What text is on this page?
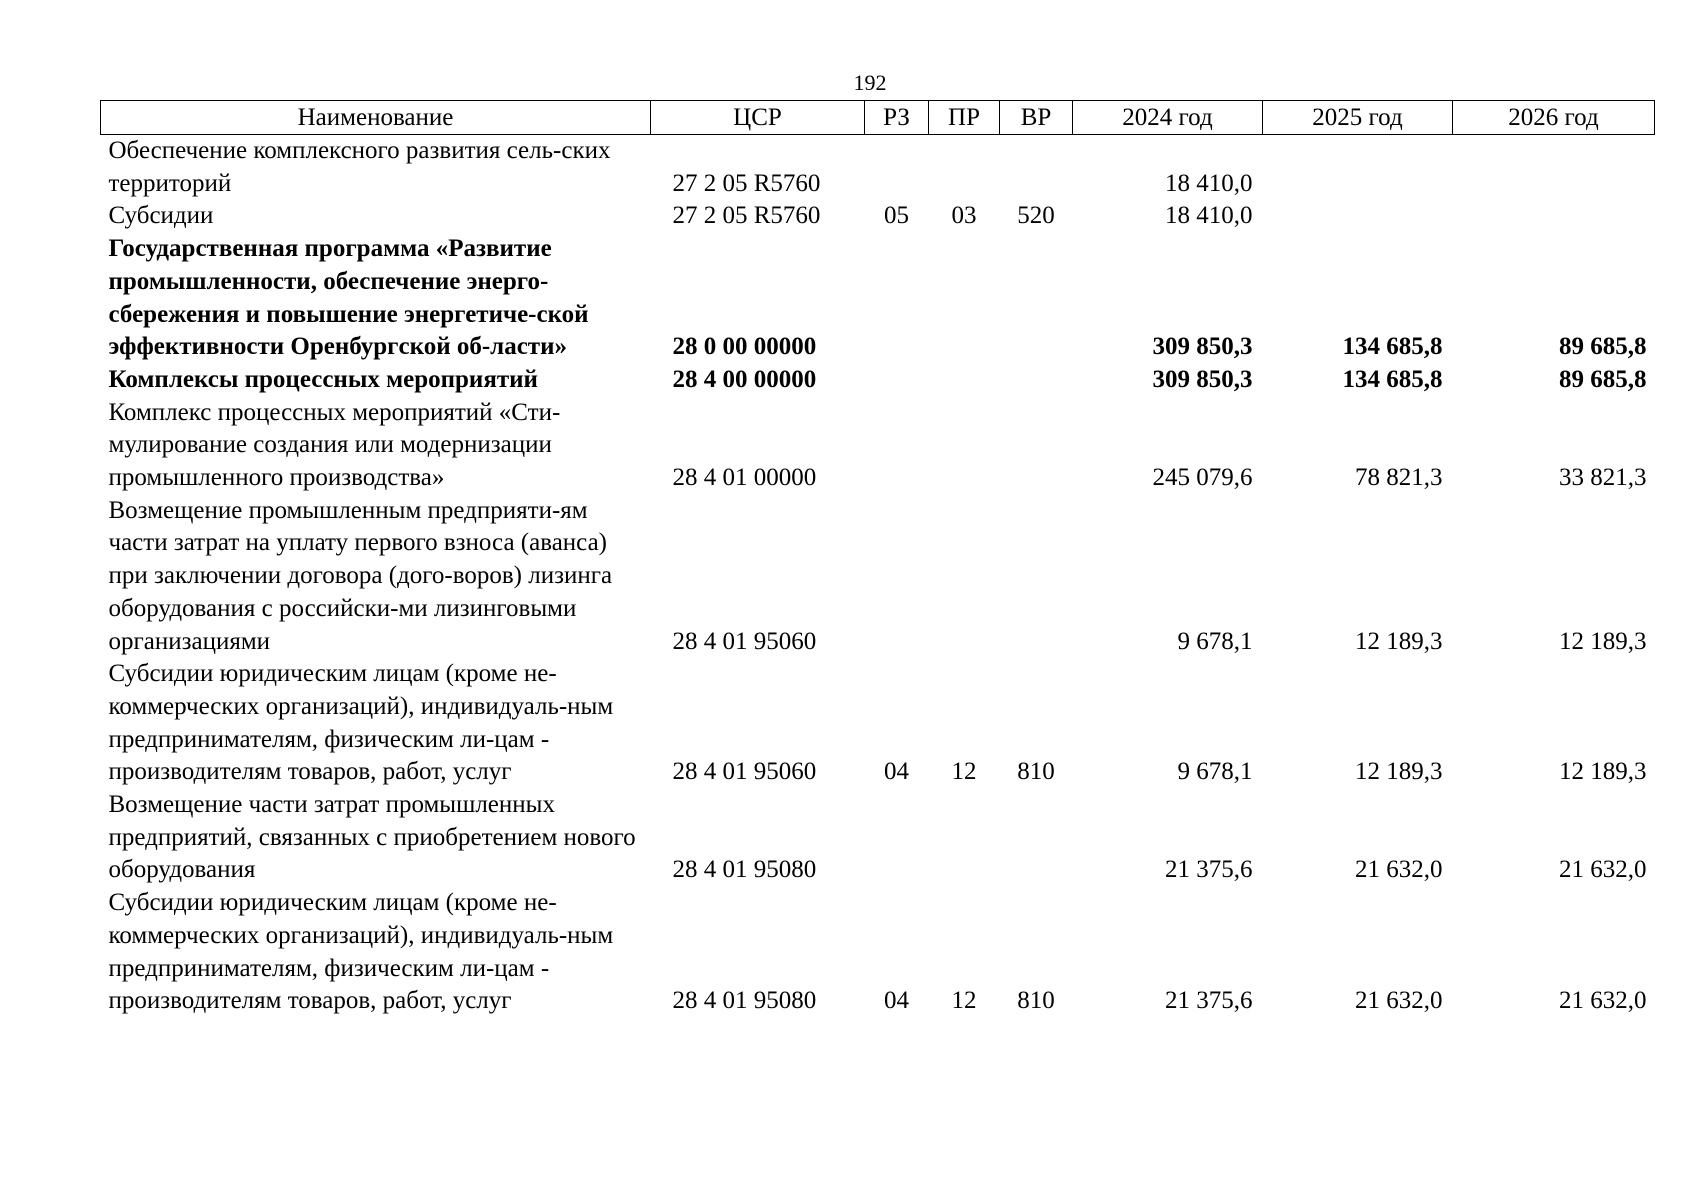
192
Наименование	ЦСР	РЗ	ПР	ВР	2024 год	2025 год	2026 год
Обеспечение комплексного развития сель-ских территорий	27 2 05 R5760				18 410,0		
Субсидии	27 2 05 R5760	05	03	520	18 410,0		
Государственная программа «Развитие промышленности, обеспечение энерго-сбережения и повышение энергетиче-ской эффективности Оренбургской об-ласти»	28 0 00 00000				309 850,3	134 685,8	89 685,8
Комплексы процессных мероприятий	28 4 00 00000				309 850,3	134 685,8	89 685,8
Комплекс процессных мероприятий «Сти-мулирование создания или модернизации промышленного производства»	28 4 01 00000				245 079,6	78 821,3	33 821,3
Возмещение промышленным предприяти-ям части затрат на уплату первого взноса (аванса) при заключении договора (дого-воров) лизинга оборудования с российски-ми лизинговыми организациями	28 4 01 95060				9 678,1	12 189,3	12 189,3
Субсидии юридическим лицам (кроме не-коммерческих организаций), индивидуаль-ным предпринимателям, физическим ли-цам - производителям товаров, работ, услуг	28 4 01 95060	04	12	810	9 678,1	12 189,3	12 189,3
Возмещение части затрат промышленных предприятий, связанных с приобретением нового оборудования	28 4 01 95080				21 375,6	21 632,0	21 632,0
Субсидии юридическим лицам (кроме не-коммерческих организаций), индивидуаль-ным предпринимателям, физическим ли-цам - производителям товаров, работ, услуг	28 4 01 95080	04	12	810	21 375,6	21 632,0	21 632,0
